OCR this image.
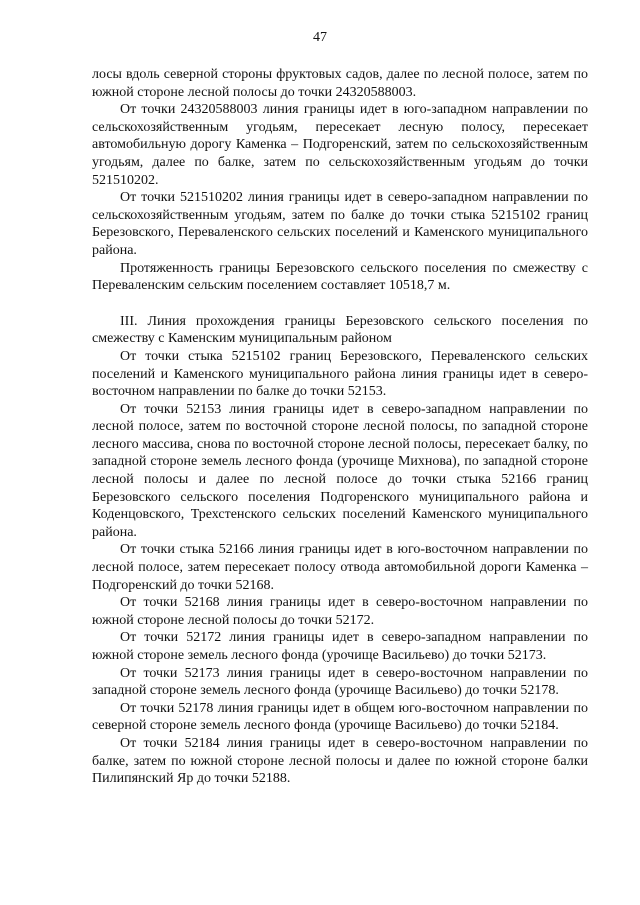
47

лосы вдоль северной стороны фруктовых садов, далее по лесной полосе, затем по южной стороне лесной полосы до точки 24320588003.

От точки 24320588003 линия границы идет в юго-западном направлении по сельскохозяйственным угодьям, пересекает лесную полосу, пересекает автомобильную дорогу Каменка – Подгоренский, затем по сельскохозяйственным угодьям, далее по балке, затем по сельскохозяйственным угодьям до точки 521510202.

От точки 521510202 линия границы идет в северо-западном направлении по сельскохозяйственным угодьям, затем по балке до точки стыка 5215102 границ Березовского, Переваленского сельских поселений и Каменского муниципального района.

Протяженность границы Березовского сельского поселения по смежеству с Переваленским сельским поселением составляет 10518,7 м.

III. Линия прохождения границы Березовского сельского поселения по смежеству с Каменским муниципальным районом

От точки стыка 5215102 границ Березовского, Переваленского сельских поселений и Каменского муниципального района линия границы идет в северо-восточном направлении по балке до точки 52153.

От точки 52153 линия границы идет в северо-западном направлении по лесной полосе, затем по восточной стороне лесной полосы, по западной стороне лесного массива, снова по восточной стороне лесной полосы, пересекает балку, по западной стороне земель лесного фонда (урочище Михнова), по западной стороне лесной полосы и далее по лесной полосе до точки стыка 52166 границ Березовского сельского поселения Подгоренского муниципального района и Коденцовского, Трехстенского сельских поселений Каменского муниципального района.

От точки стыка 52166 линия границы идет в юго-восточном направлении по лесной полосе, затем пересекает полосу отвода автомобильной дороги Каменка – Подгоренский до точки 52168.

От точки 52168 линия границы идет в северо-восточном направлении по южной стороне лесной полосы до точки 52172.

От точки 52172 линия границы идет в северо-западном направлении по южной стороне земель лесного фонда (урочище Васильево) до точки 52173.

От точки 52173 линия границы идет в северо-восточном направлении по западной стороне земель лесного фонда (урочище Васильево) до точки 52178.

От точки 52178 линия границы идет в общем юго-восточном направлении по северной стороне земель лесного фонда (урочище Васильево) до точки 52184.

От точки 52184 линия границы идет в северо-восточном направлении по балке, затем по южной стороне лесной полосы и далее по южной стороне балки Пилипянский Яр до точки 52188.
